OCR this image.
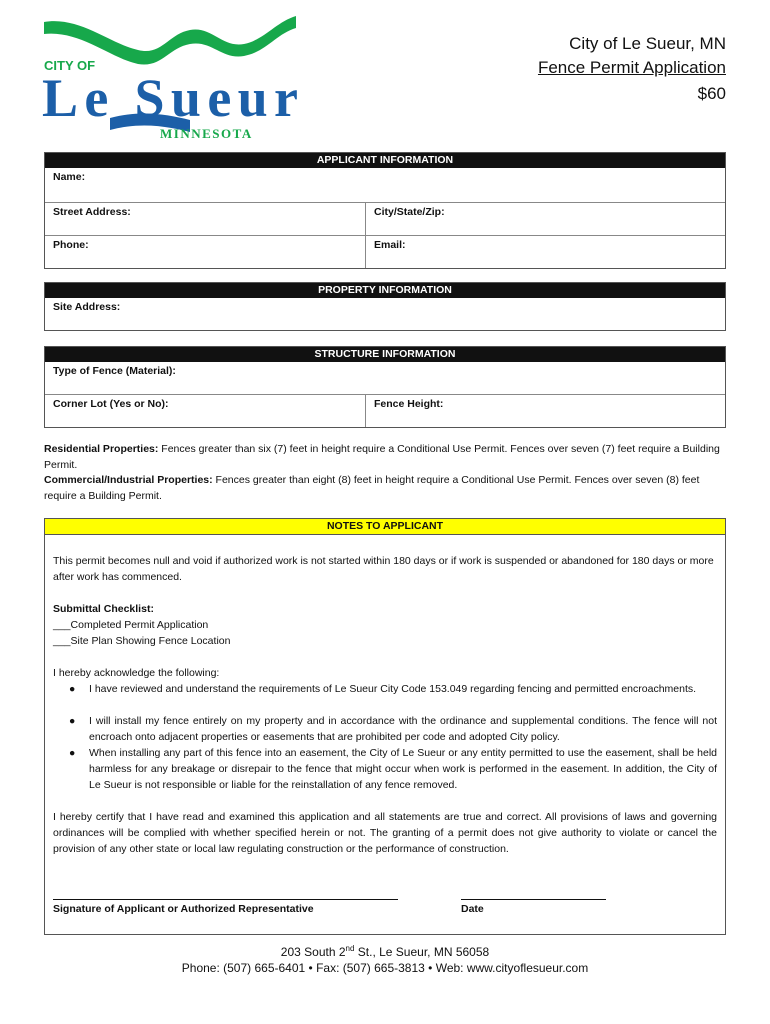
CITY OF
Le Sueur
MINNESOTA
City of Le Sueur, MN
Fence Permit Application
$60
APPLICANT INFORMATION
Name:
Street Address:	City/State/Zip:
Phone:	Email:
PROPERTY INFORMATION
Site Address:
STRUCTURE INFORMATION
Type of Fence (Material):
Corner Lot (Yes or No):	Fence Height:
Residential Properties: Fences greater than six (7) feet in height require a Conditional Use Permit. Fences over seven (7) feet require a Building Permit.
Commercial/Industrial Properties: Fences greater than eight (8) feet in height require a Conditional Use Permit. Fences over seven (8) feet require a Building Permit.
NOTES TO APPLICANT
This permit becomes null and void if authorized work is not started within 180 days or if work is suspended or abandoned for 180 days or more after work has commenced.
Submittal Checklist:
___Completed Permit Application
___Site Plan Showing Fence Location
I hereby acknowledge the following:
● I have reviewed and understand the requirements of Le Sueur City Code 153.049 regarding fencing and permitted encroachments.
● I will install my fence entirely on my property and in accordance with the ordinance and supplemental conditions. The fence will not encroach onto adjacent properties or easements that are prohibited per code and adopted City policy.
● When installing any part of this fence into an easement, the City of Le Sueur or any entity permitted to use the easement, shall be held harmless for any breakage or disrepair to the fence that might occur when work is performed in the easement. In addition, the City of Le Sueur is not responsible or liable for the reinstallation of any fence removed.
I hereby certify that I have read and examined this application and all statements are true and correct. All provisions of laws and governing ordinances will be complied with whether specified herein or not. The granting of a permit does not give authority to violate or cancel the provision of any other state or local law regulating construction or the performance of construction.
Signature of Applicant or Authorized Representative	Date
203 South 2nd St., Le Sueur, MN 56058
Phone: (507) 665-6401 • Fax: (507) 665-3813 • Web: www.cityoflesueur.com
